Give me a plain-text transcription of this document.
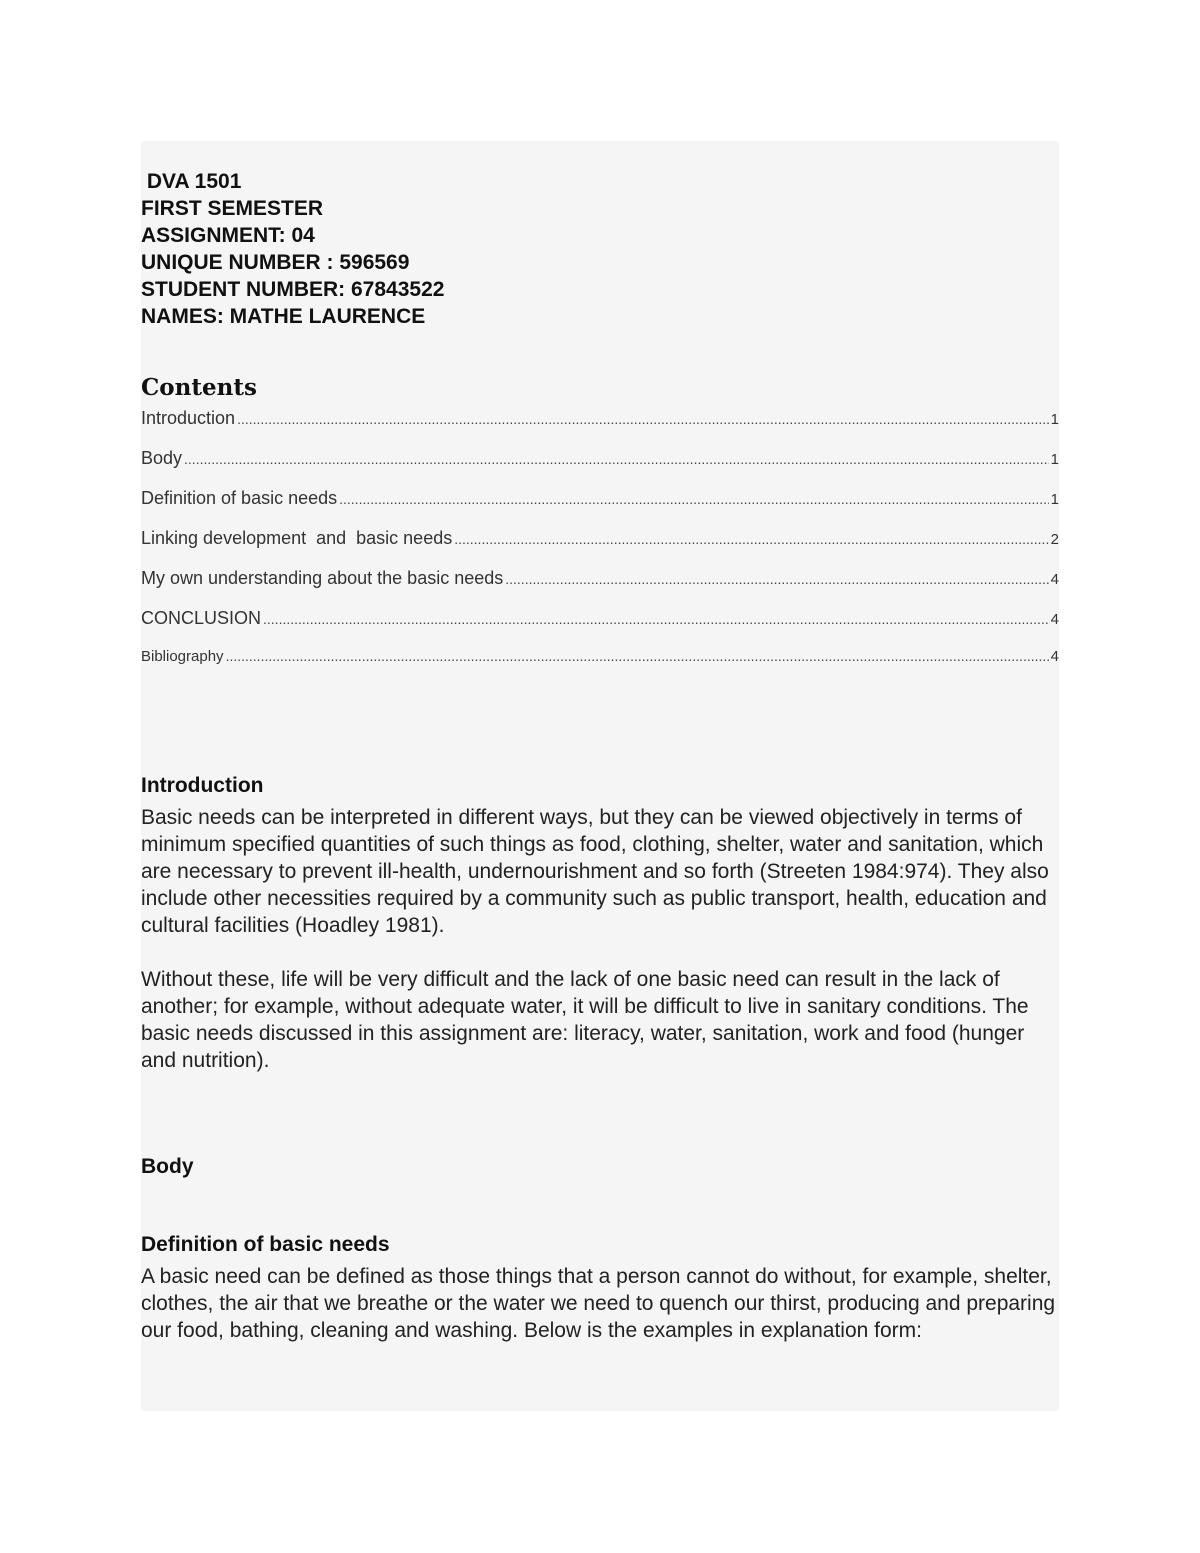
DVA 1501
FIRST SEMESTER
ASSIGNMENT: 04
UNIQUE NUMBER : 596569
STUDENT NUMBER: 67843522
NAMES: MATHE LAURENCE
Contents
Introduction .....	1
Body .....	1
Definition of basic needs .....	1
Linking development  and  basic needs .....	2
My own understanding about the basic needs .....	4
CONCLUSION .....	4
Bibliography .....	4
Introduction

Basic needs can be interpreted in different ways, but they can be viewed objectively in terms of minimum specified quantities of such things as food, clothing, shelter, water and sanitation, which are necessary to prevent ill-health, undernourishment and so forth (Streeten 1984:974). They also include other necessities required by a community such as public transport, health, education and cultural facilities (Hoadley 1981).

Without these, life will be very difficult and the lack of one basic need can result in the lack of another; for example, without adequate water, it will be difficult to live in sanitary conditions. The basic needs discussed in this assignment are: literacy, water, sanitation, work and food (hunger and nutrition).

Body
Definition of basic needs

A basic need can be defined as those things that a person cannot do without, for example, shelter, clothes, the air that we breathe or the water we need to quench our thirst, producing and preparing our food, bathing, cleaning and washing. Below is the examples in explanation form:
